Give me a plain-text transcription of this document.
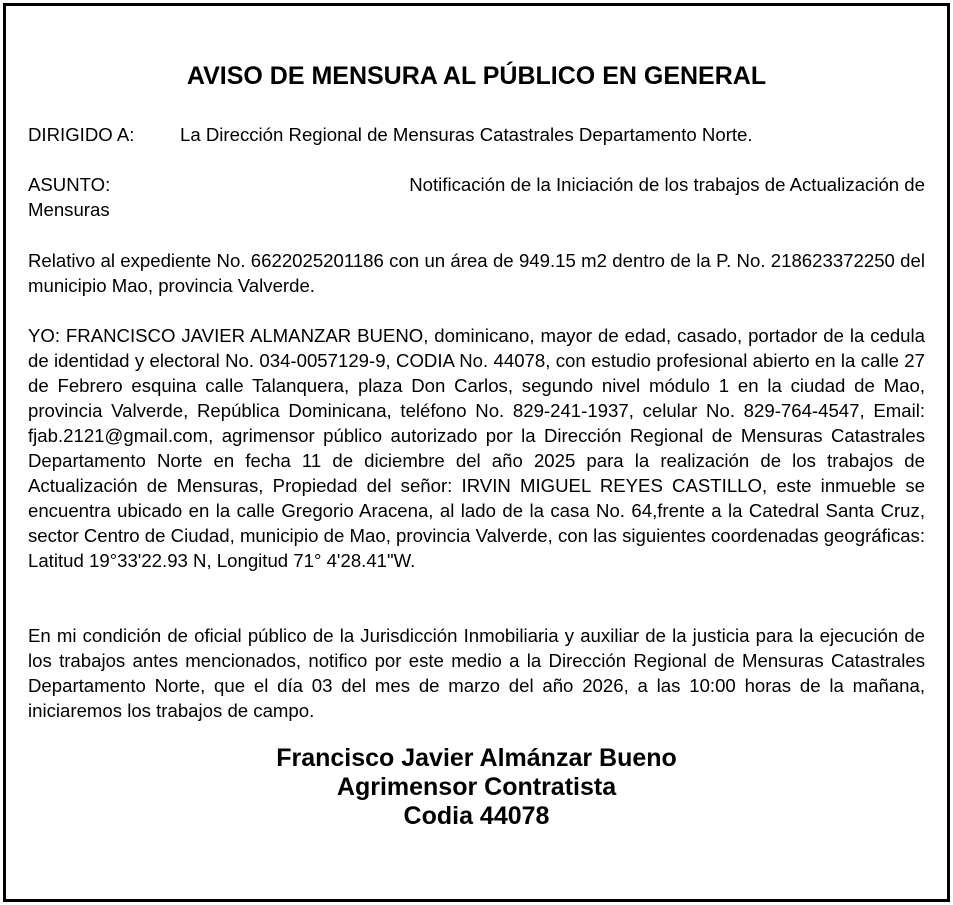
AVISO DE MENSURA AL PÚBLICO EN GENERAL
DIRIGIDO A: La Dirección Regional de Mensuras Catastrales Departamento Norte.
ASUNTO:	Notificación de la Iniciación de los trabajos de Actualización de
Mensuras

Relativo al expediente No. 6622025201186 con un área de 949.15 m2 dentro de la P. No. 218623372250 del municipio Mao, provincia Valverde.

YO: FRANCISCO JAVIER ALMANZAR BUENO, dominicano, mayor de edad, casado, portador de la cedula de identidad y electoral No. 034-0057129-9, CODIA No. 44078, con estudio profesional abierto en la calle 27 de Febrero esquina calle Talanquera, plaza Don Carlos, segundo nivel módulo 1 en la ciudad de Mao, provincia Valverde, República Dominicana, teléfono No. 829-241-1937, celular No. 829-764-4547, Email: fjab.2121@gmail.com, agrimensor público autorizado por la Dirección Regional de Mensuras Catastrales Departamento Norte en fecha 11 de diciembre del año 2025 para la realización de los trabajos de Actualización de Mensuras, Propiedad del señor: IRVIN MIGUEL REYES CASTILLO, este inmueble se encuentra ubicado en la calle Gregorio Aracena, al lado de la casa No. 64,frente a la Catedral Santa Cruz, sector Centro de Ciudad, municipio de Mao, provincia Valverde, con las siguientes coordenadas geográficas: Latitud 19°33'22.93 N, Longitud 71° 4'28.41"W.

En mi condición de oficial público de la Jurisdicción Inmobiliaria y auxiliar de la justicia para la ejecución de los trabajos antes mencionados, notifico por este medio a la Dirección Regional de Mensuras Catastrales Departamento Norte, que el día 03 del mes de marzo del año 2026, a las 10:00 horas de la mañana, iniciaremos los trabajos de campo.

Francisco Javier Almánzar Bueno
Agrimensor Contratista
Codia 44078
